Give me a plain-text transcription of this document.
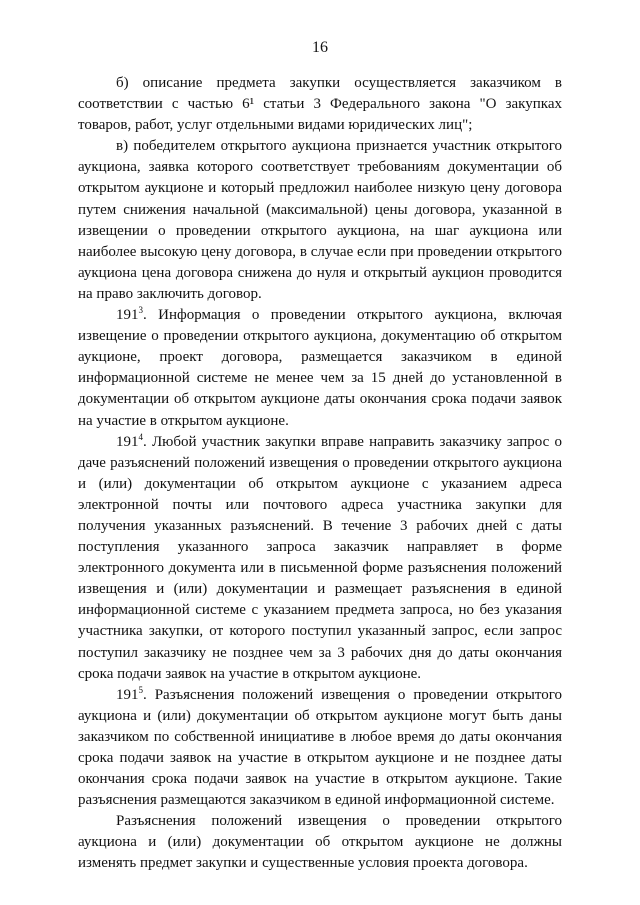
16

б) описание предмета закупки осуществляется заказчиком в соответствии с частью 6¹ статьи 3 Федерального закона "О закупках товаров, работ, услуг отдельными видами юридических лиц";

в) победителем открытого аукциона признается участник открытого аукциона, заявка которого соответствует требованиям документации об открытом аукционе и который предложил наиболее низкую цену договора путем снижения начальной (максимальной) цены договора, указанной в извещении о проведении открытого аукциона, на шаг аукциона или наиболее высокую цену договора, в случае если при проведении открытого аукциона цена договора снижена до нуля и открытый аукцион проводится на право заключить договор.

$191^3$. Информация о проведении открытого аукциона, включая извещение о проведении открытого аукциона, документацию об открытом аукционе, проект договора, размещается заказчиком в единой информационной системе не менее чем за 15 дней до установленной в документации об открытом аукционе даты окончания срока подачи заявок на участие в открытом аукционе.

$191^4$. Любой участник закупки вправе направить заказчику запрос о даче разъяснений положений извещения о проведении открытого аукциона и (или) документации об открытом аукционе с указанием адреса электронной почты или почтового адреса участника закупки для получения указанных разъяснений. В течение 3 рабочих дней с даты поступления указанного запроса заказчик направляет в форме электронного документа или в письменной форме разъяснения положений извещения и (или) документации и размещает разъяснения в единой информационной системе с указанием предмета запроса, но без указания участника закупки, от которого поступил указанный запрос, если запрос поступил заказчику не позднее чем за 3 рабочих дня до даты окончания срока подачи заявок на участие в открытом аукционе.

$191^5$. Разъяснения положений извещения о проведении открытого аукциона и (или) документации об открытом аукционе могут быть даны заказчиком по собственной инициативе в любое время до даты окончания срока подачи заявок на участие в открытом аукционе и не позднее даты окончания срока подачи заявок на участие в открытом аукционе. Такие разъяснения размещаются заказчиком в единой информационной системе.

Разъяснения положений извещения о проведении открытого аукциона и (или) документации об открытом аукционе не должны изменять предмет закупки и существенные условия проекта договора.
